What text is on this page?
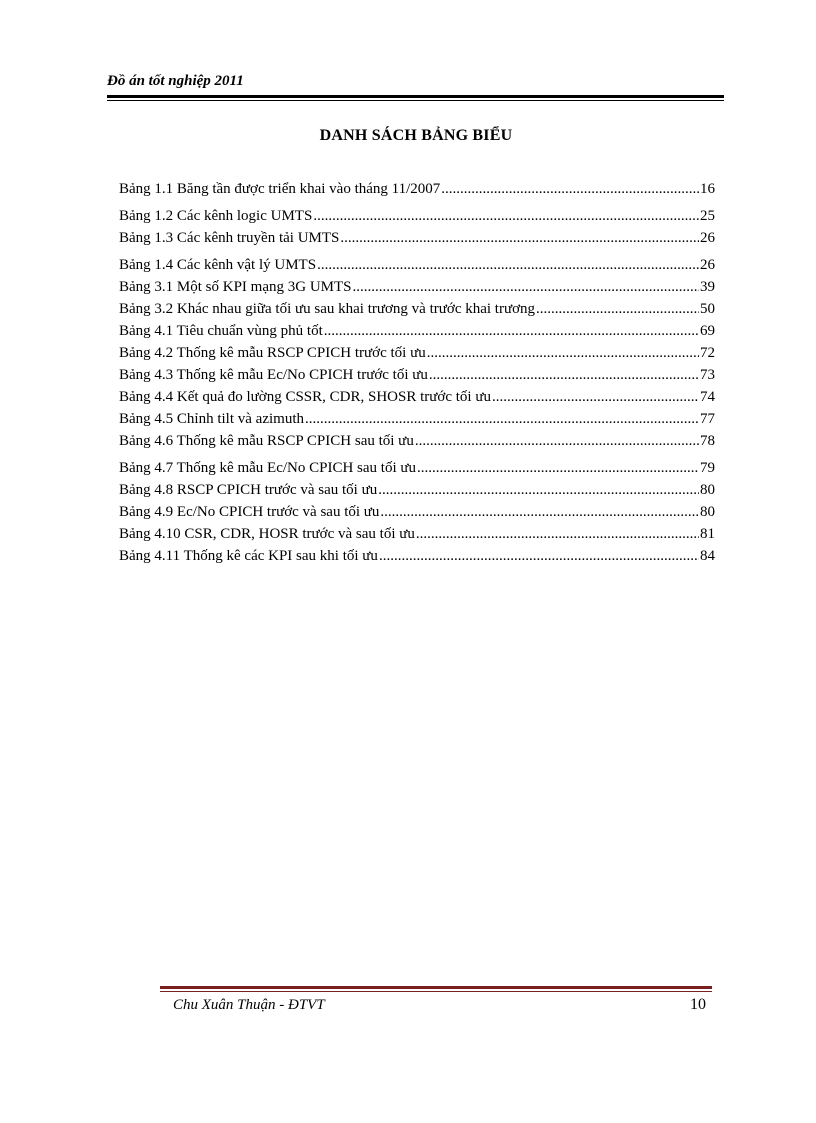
Đồ án tốt nghiệp 2011
DANH SÁCH BẢNG BIỂU
Bảng 1.1 Băng tần được triển khai vào tháng 11/2007 .....	16
Bảng 1.2 Các kênh logic UMTS .....	25
Bảng 1.3 Các kênh truyền tải UMTS .....	26
Bảng 1.4 Các kênh vật lý UMTS .....	26
Bảng 3.1 Một số KPI mạng 3G UMTS .....	39
Bảng 3.2 Khác nhau giữa tối ưu sau khai trương và trước khai trương .....	50
Bảng 4.1 Tiêu chuẩn vùng phủ tốt .....	69
Bảng 4.2 Thống kê mẫu RSCP CPICH trước tối ưu .....	72
Bảng 4.3 Thống kê mẫu Ec/No CPICH trước tối ưu .....	73
Bảng 4.4 Kết quả đo lường CSSR, CDR, SHOSR trước tối ưu .....	74
Bảng 4.5 Chỉnh tilt và azimuth .....	77
Bảng 4.6 Thống kê mẫu RSCP CPICH sau tối ưu .....	78
Bảng 4.7 Thống kê mẫu Ec/No CPICH sau tối ưu .....	79
Bảng 4.8 RSCP CPICH trước và sau tối ưu .....	80
Bảng 4.9 Ec/No CPICH trước và sau tối ưu .....	80
Bảng 4.10 CSR, CDR, HOSR trước và sau tối ưu .....	81
Bảng 4.11 Thống kê các KPI sau khi tối ưu .....	84
Chu Xuân Thuận - ĐTVT	10
